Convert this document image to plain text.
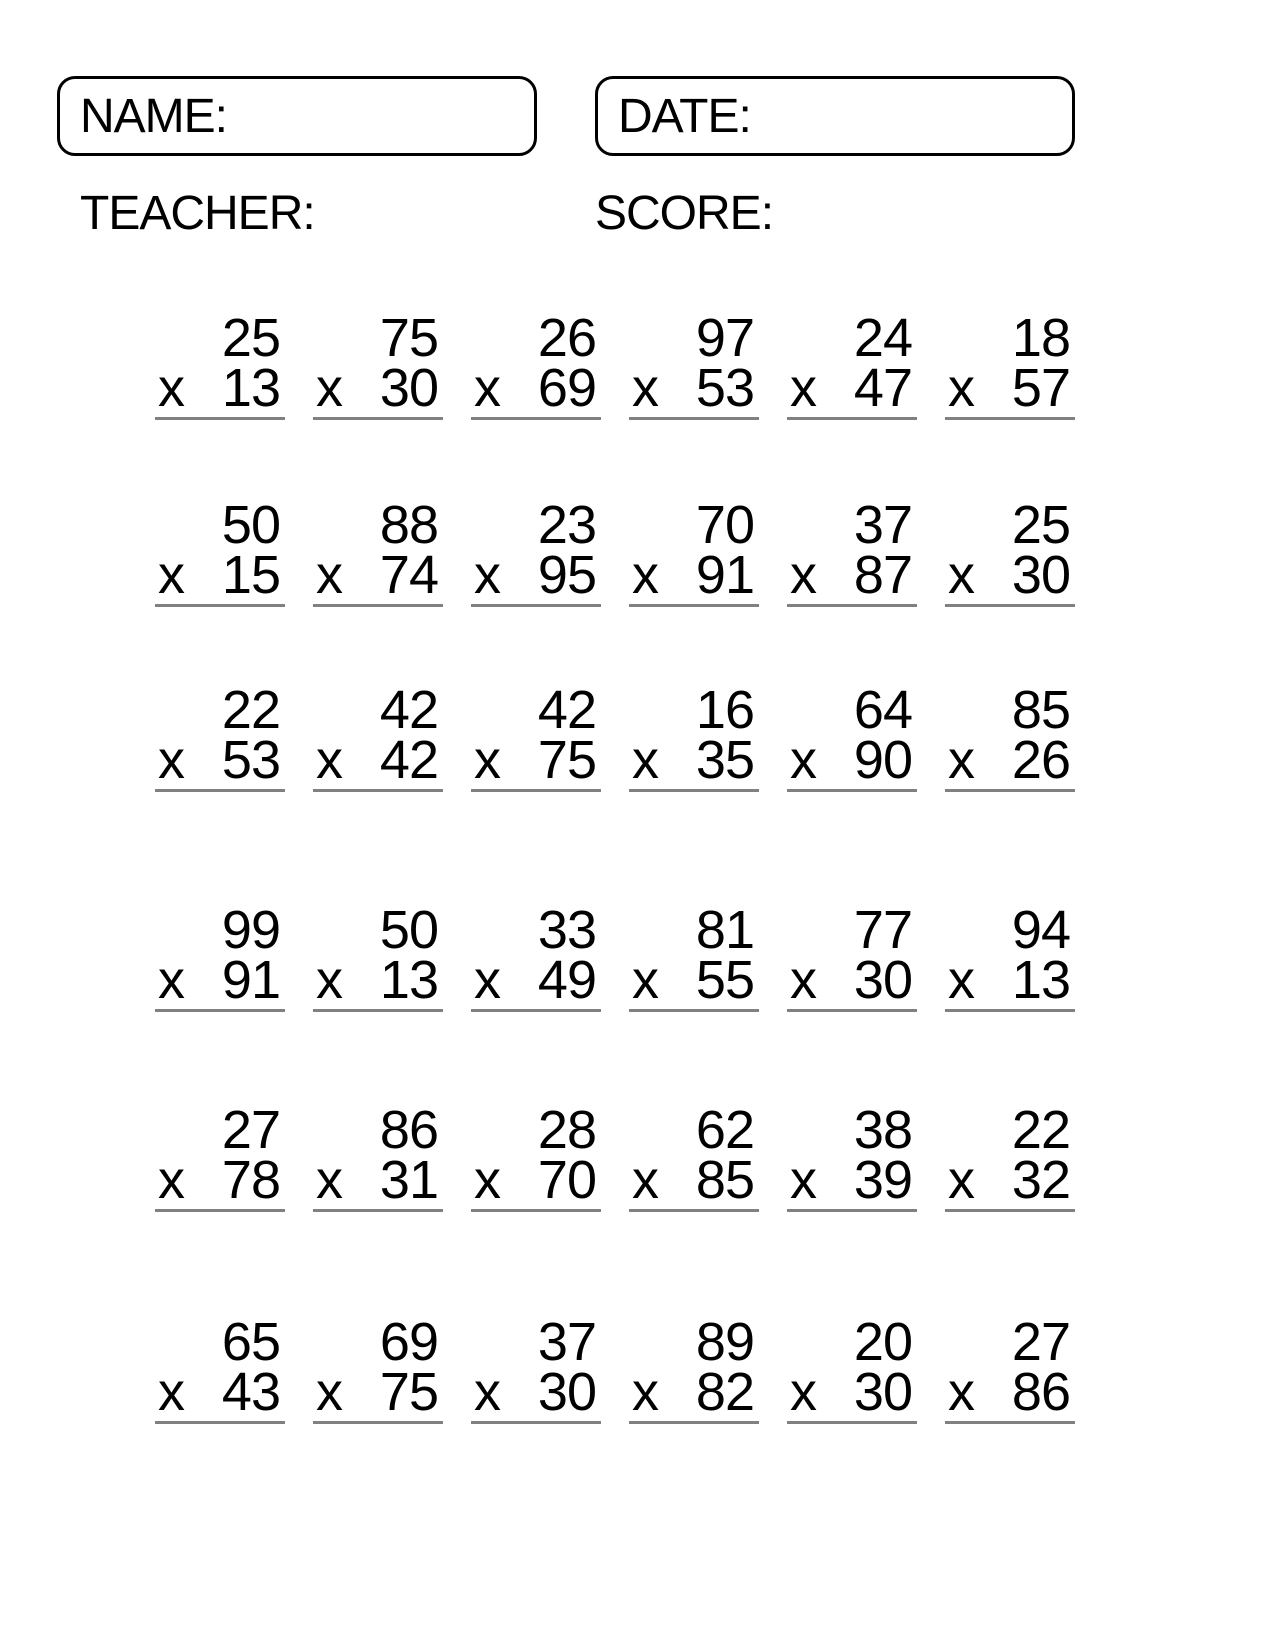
NAME:	DATE:
TEACHER:	SCORE:
25
x 13
75
x 30
26
x 69
97
x 53
24
x 47
18
x 57
50
x 15
88
x 74
23
x 95
70
x 91
37
x 87
25
x 30
22
x 53
42
x 42
42
x 75
16
x 35
64
x 90
85
x 26
99
x 91
50
x 13
33
x 49
81
x 55
77
x 30
94
x 13
27
x 78
86
x 31
28
x 70
62
x 85
38
x 39
22
x 32
65
x 43
69
x 75
37
x 30
89
x 82
20
x 30
27
x 86
